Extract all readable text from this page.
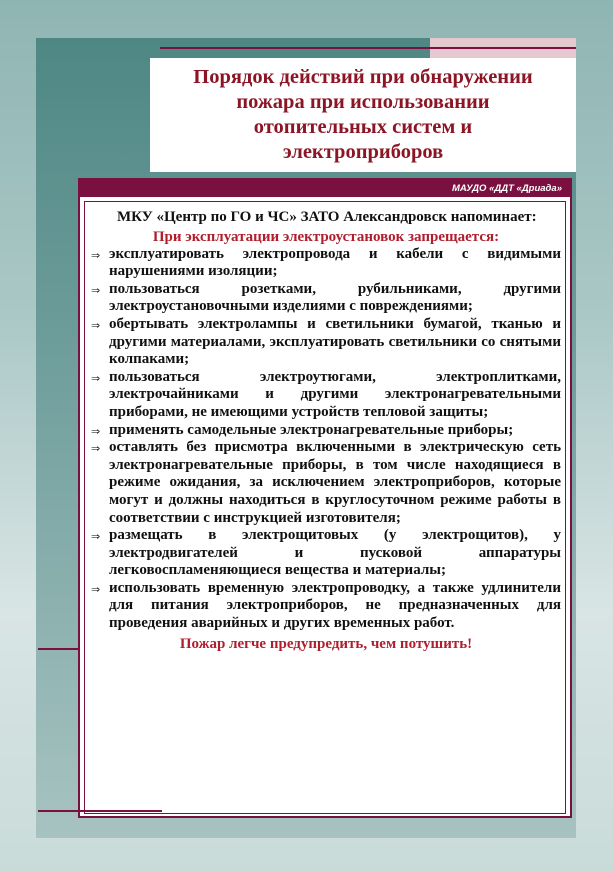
Порядок действий при обнаружении
пожара при использовании
отопительных систем и
электроприборов
МАУДО «ДДТ «Дриада»

МКУ «Центр по ГО и ЧС» ЗАТО Александровск напоминает:

При эксплуатации электроустановок запрещается:

⇒ эксплуатировать электропровода и кабели с видимыми нарушениями изоляции;
⇒ пользоваться розетками, рубильниками, другими электроустановочными изделиями с повреждениями;
⇒ обертывать электролампы и светильники бумагой, тканью и другими материалами, эксплуатировать светильники со снятыми колпаками;
⇒ пользоваться электроутюгами, электроплитками, электрочайниками и другими электронагревательными приборами, не имеющими устройств тепловой защиты;
⇒ применять самодельные электронагревательные приборы;
⇒ оставлять без присмотра включенными в электрическую сеть электронагревательные приборы, в том числе находящиеся в режиме ожидания, за исключением электроприборов, которые могут и должны находиться в круглосуточном режиме работы в соответствии с инструкцией изготовителя;
⇒ размещать в электрощитовых (у электрощитов), у электродвигателей и пусковой аппаратуры легковоспламеняющиеся вещества и материалы;
⇒ использовать временную электропроводку, а также удлинители для питания электроприборов, не предназначенных для проведения аварийных и других временных работ.

Пожар легче предупредить, чем потушить!
